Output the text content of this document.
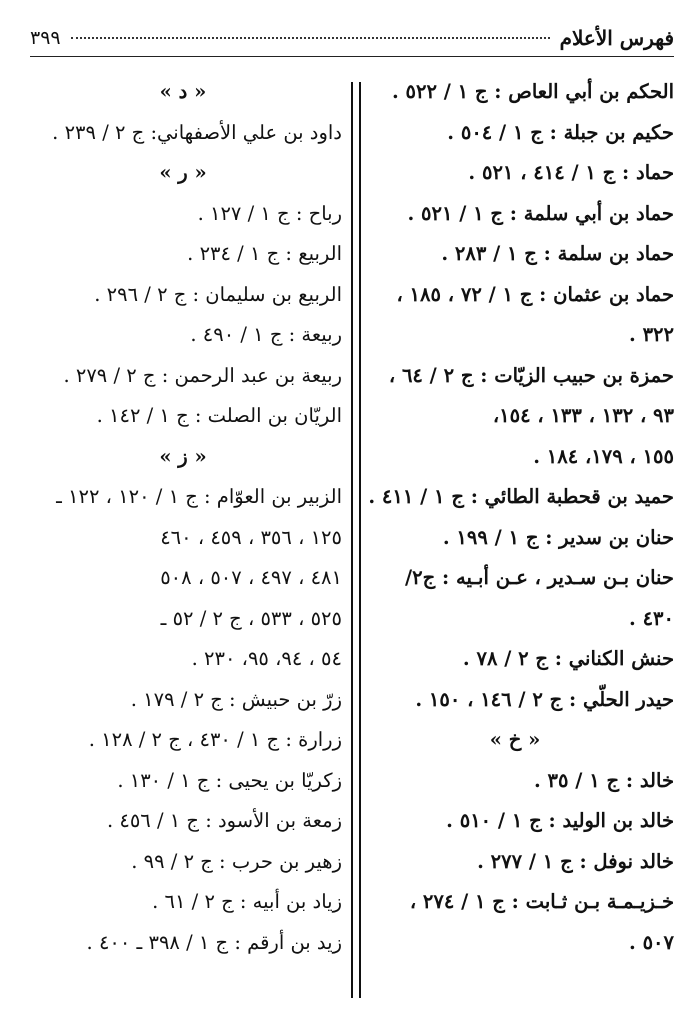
فهرس الأعلام
٣٩٩
الحكم بن أبي العاص : ج ١ / ٥٢٢ .
حكيم بن جبلة : ج ١ / ٥٠٤ .
حماد : ج ١ / ٤١٤ ، ٥٢١ .
حماد بن أبي سلمة : ج ١ / ٥٢١ .
حماد بن سلمة : ج ١ / ٢٨٣ .
حماد بن عثمان : ج ١ / ٧٢ ، ١٨٥ ،
٣٢٢ .
حمزة بن حبيب الزيّات : ج ٢ / ٦٤ ،
٩٣ ، ١٣٢ ، ١٣٣ ، ١٥٤،
١٥٥ ، ١٧٩، ١٨٤ .
حميد بن قحطبة الطائي : ج ١ / ٤١١ .
حنان بن سدير : ج ١ / ١٩٩ .
حنان بـن سـدير ، عـن أبـيه : ج٢/
٤٣٠ .
حنش الكناني : ج ٢ / ٧٨ .
حيدر الحلّي : ج ٢ / ١٤٦ ، ١٥٠ .
« خ »
خالد : ج ١ / ٣٥ .
خالد بن الوليد : ج ١ / ٥١٠ .
خالد نوفل : ج ١ / ٢٧٧ .
خـزيـمـة بـن ثـابت : ج ١ / ٢٧٤ ،
٥٠٧ .
« د »
داود بن علي الأصفهاني: ج ٢ / ٢٣٩ .
« ر »
رباح : ج ١ / ١٢٧ .
الربيع : ج ١ / ٢٣٤ .
الربيع بن سليمان : ج ٢ / ٢٩٦ .
ربيعة : ج ١ / ٤٩٠ .
ربيعة بن عبد الرحمن : ج ٢ / ٢٧٩ .
الريّان بن الصلت : ج ١ / ١٤٢ .
« ز »
الزبير بن العوّام : ج ١ / ١٢٠ ، ١٢٢ ـ
١٢٥ ، ٣٥٦ ، ٤٥٩ ، ٤٦٠
٤٨١ ، ٤٩٧ ، ٥٠٧ ، ٥٠٨
٥٢٥ ، ٥٣٣ ، ج ٢ / ٥٢ ـ
٥٤ ، ٩٤، ٩٥، ٢٣٠ .
زرّ بن حبيش : ج ٢ / ١٧٩ .
زرارة : ج ١ / ٤٣٠ ، ج ٢ / ١٢٨ .
زكريّا بن يحيى : ج ١ / ١٣٠ .
زمعة بن الأسود : ج ١ / ٤٥٦ .
زهير بن حرب : ج ٢ / ٩٩ .
زياد بن أبيه : ج ٢ / ٦١ .
زيد بن أرقم : ج ١ / ٣٩٨ ـ ٤٠٠ .
